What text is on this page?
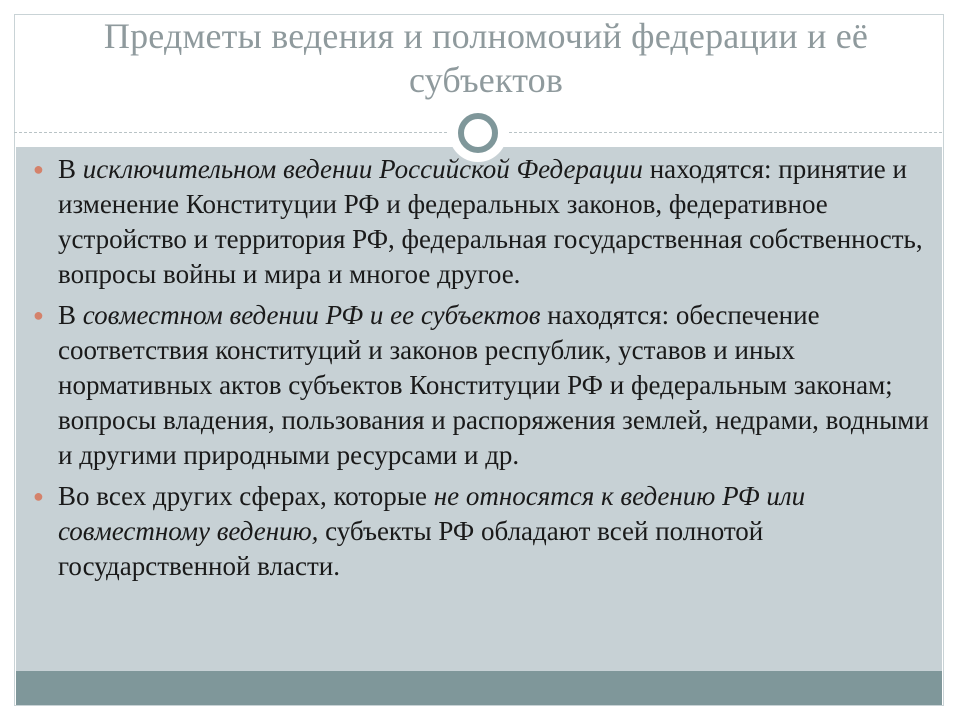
Предметы ведения и полномочий федерации и её субъектов
● В исключительном ведении Российской Федерации находятся: принятие и изменение Конституции РФ и федеральных законов, федеративное устройство и территория РФ, федеральная государственная собственность, вопросы войны и мира и многое другое.
● В совместном ведении РФ и ее субъектов находятся: обеспечение соответствия конституций и законов республик, уставов и иных нормативных актов субъектов Конституции РФ и федеральным законам; вопросы владения, пользования и распоряжения землей, недрами, водными и другими природными ресурсами и др.
● Во всех других сферах, которые не относятся к ведению РФ или совместному ведению, субъекты РФ обладают всей полнотой государственной власти.
